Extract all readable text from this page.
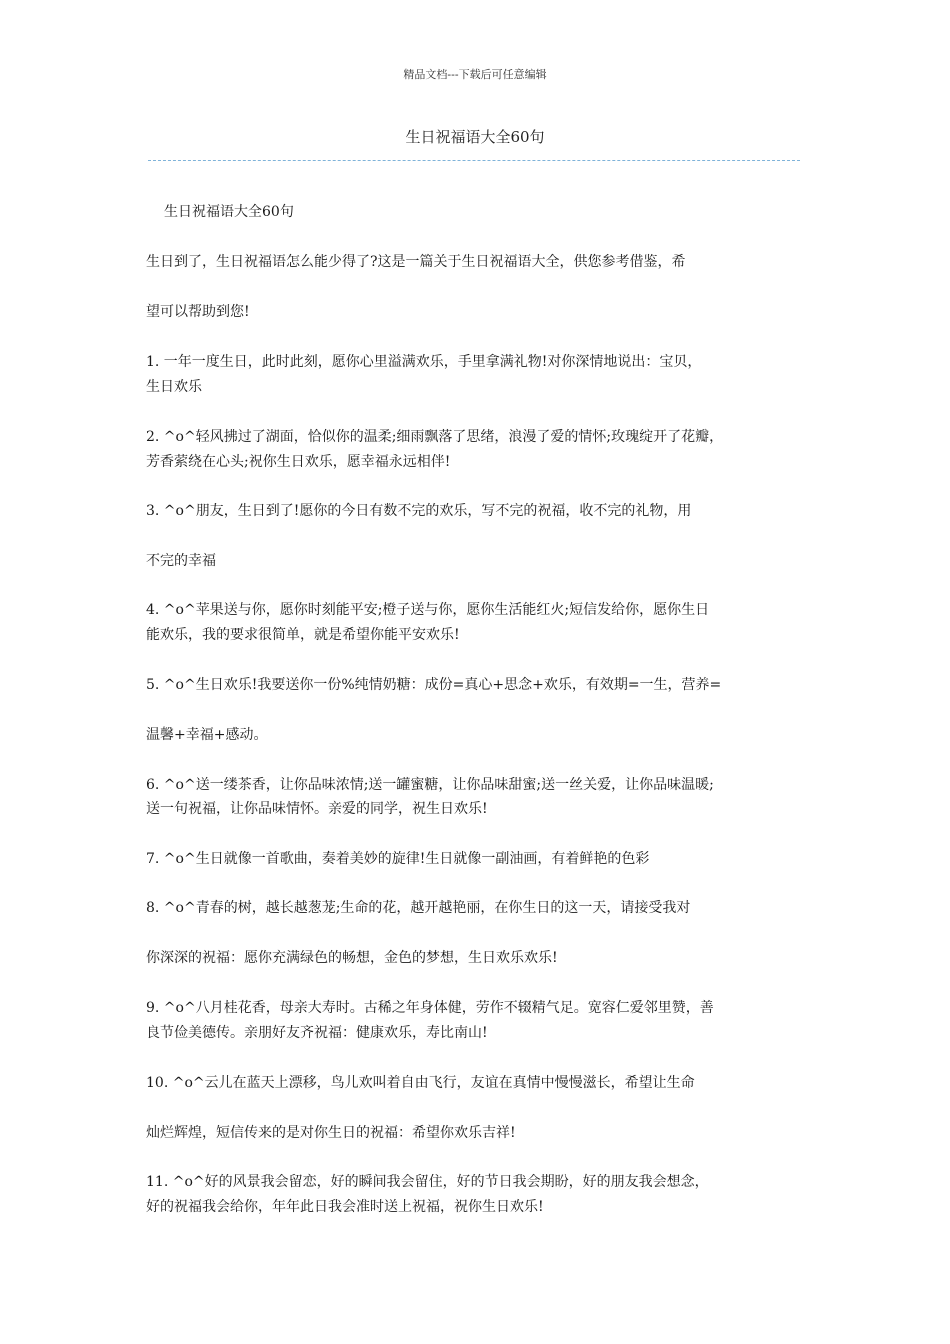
精品文档---下载后可任意编辑
生日祝福语大全60句
生日祝福语大全60句
生日到了，生日祝福语怎么能少得了?这是一篇关于生日祝福语大全，供您参考借鉴，希
望可以帮助到您!
1. 一年一度生日，此时此刻，愿你心里溢满欢乐，手里拿满礼物!对你深情地说出：宝贝，
生日欢乐
2. ^o^轻风拂过了湖面，恰似你的温柔;细雨飘落了思绪，浪漫了爱的情怀;玫瑰绽开了花瓣，
芳香萦绕在心头;祝你生日欢乐，愿幸福永远相伴!
3. ^o^朋友，生日到了!愿你的今日有数不完的欢乐，写不完的祝福，收不完的礼物，用
不完的幸福
4. ^o^苹果送与你，愿你时刻能平安;橙子送与你，愿你生活能红火;短信发给你，愿你生日
能欢乐，我的要求很简单，就是希望你能平安欢乐!
5. ^o^生日欢乐!我要送你一份%纯情奶糖：成份=真心+思念+欢乐，有效期=一生，营养=
温馨+幸福+感动。
6. ^o^送一缕茶香，让你品味浓情;送一罐蜜糖，让你品味甜蜜;送一丝关爱，让你品味温暖;
送一句祝福，让你品味情怀。亲爱的同学，祝生日欢乐!
7. ^o^生日就像一首歌曲，奏着美妙的旋律!生日就像一副油画，有着鲜艳的色彩
8. ^o^青春的树，越长越葱茏;生命的花，越开越艳丽，在你生日的这一天，请接受我对
你深深的祝福：愿你充满绿色的畅想，金色的梦想，生日欢乐欢乐!
9. ^o^八月桂花香，母亲大寿时。古稀之年身体健，劳作不辍精气足。宽容仁爱邻里赞，善
良节俭美德传。亲朋好友齐祝福：健康欢乐，寿比南山!
10. ^o^云儿在蓝天上漂移，鸟儿欢叫着自由飞行，友谊在真情中慢慢滋长，希望让生命
灿烂辉煌，短信传来的是对你生日的祝福：希望你欢乐吉祥!
11. ^o^好的风景我会留恋，好的瞬间我会留住，好的节日我会期盼，好的朋友我会想念，
好的祝福我会给你，年年此日我会准时送上祝福，祝你生日欢乐!
